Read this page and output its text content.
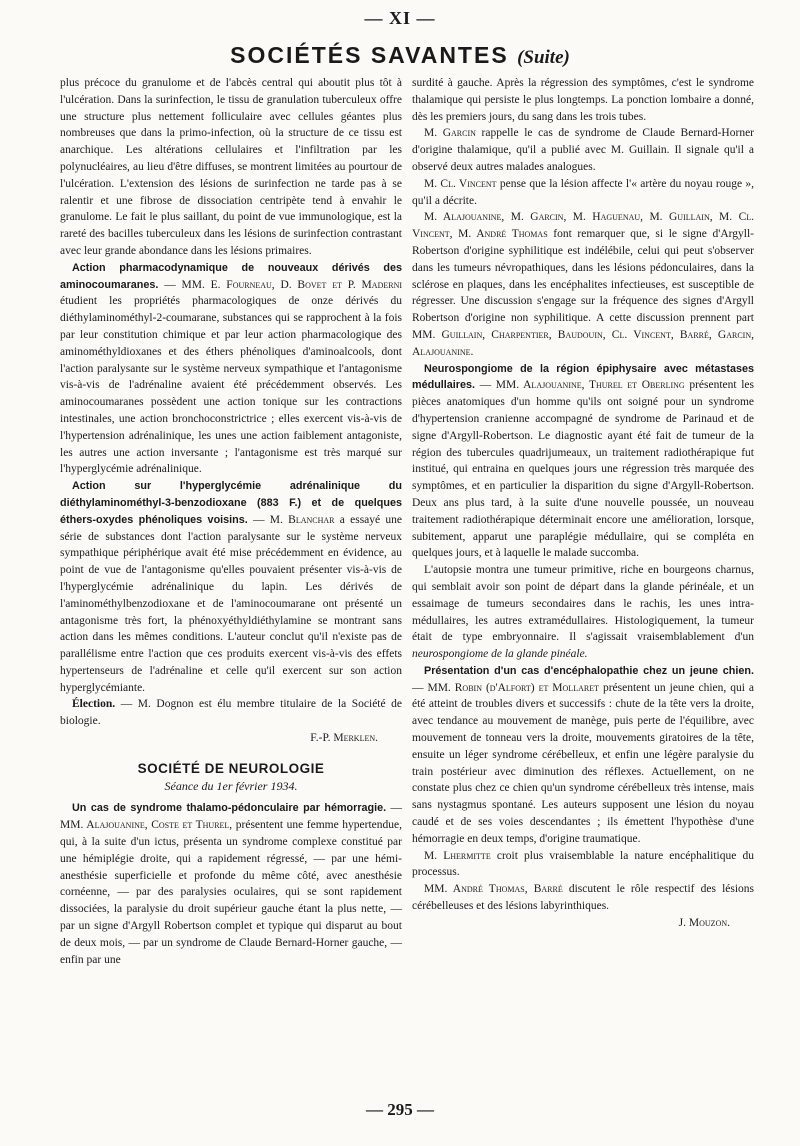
— XI —
SOCIÉTÉS SAVANTES (Suite)

plus précoce du granulome et de l'abcès central qui aboutit plus tôt à l'ulcération. Dans la surinfection, le tissu de granulation tuberculeux offre une structure plus nettement folliculaire avec cellules géantes plus nombreuses que dans la primo-infection, où la structure de ce tissu est anarchique. Les altérations cellulaires et l'infiltration par les polynucléaires, au lieu d'être diffuses, se montrent limitées au pourtour de l'ulcération. L'extension des lésions de surinfection ne tarde pas à se ralentir et une fibrose de dissociation centripète tend à envahir le granulome. Le fait le plus saillant, du point de vue immunologique, est la rareté des bacilles tuberculeux dans les lésions de surinfection contrastant avec leur grande abondance dans les lésions primaires.

Action pharmacodynamique de nouveaux dérivés des aminocoumaranes. — MM. E. Fourneau, D. Bovet et P. Maderni étudient les propriétés pharmacologiques de onze dérivés du diéthylaminométhyl-2-coumarane, substances qui se rapprochent à la fois par leur constitution chimique et par leur action pharmacologique des aminométhyldioxanes et des éthers phénoliques d'aminoalcools, dont l'action paralysante sur le système nerveux sympathique et l'antagonisme vis-à-vis de l'adrénaline avaient été précédemment observés. Les aminocoumaranes possèdent une action tonique sur les contractions intestinales, une action bronchoconstrictrice ; elles exercent vis-à-vis de l'hypertension adrénalinique, les unes une action faiblement antagoniste, les autres une action inversante ; l'antagonisme est très marqué sur l'hyperglycémie adrénalinique.

Action sur l'hyperglycémie adrénalinique du diéthylaminométhyl-3-benzodioxane (883 F.) et de quelques éthers-oxydes phénoliques voisins. — M. Blanchar a essayé une série de substances dont l'action paralysante sur le système nerveux sympathique périphérique avait été mise précédemment en évidence, au point de vue de l'antagonisme qu'elles pouvaient présenter vis-à-vis de l'hyperglycémie adrénalinique du lapin. Les dérivés de l'aminométhylbenzodioxane et de l'aminocoumarane ont présenté un antagonisme très fort, la phénoxyéthyldiéthylamine se montrant sans action dans les mêmes conditions. L'auteur conclut qu'il n'existe pas de parallélisme entre l'action que ces produits exercent vis-à-vis des effets hypertenseurs de l'adrénaline et celle qu'il exercent sur son action hyperglycémiante.

Élection. — M. Dognon est élu membre titulaire de la Société de biologie.

F.-P. Merklen.

SOCIÉTÉ DE NEUROLOGIE
Séance du 1er février 1934.

Un cas de syndrome thalamo-pédonculaire par hémorragie. — MM. Alajouanine, Coste et Thurel, présentent une femme hypertendue, qui, à la suite d'un ictus, présenta un syndrome complexe constitué par une hémiplégie droite, qui a rapidement régressé, — par une hémi-anesthésie superficielle et profonde du même côté, avec anesthésie cornéenne, — par des paralysies oculaires, qui se sont rapidement dissociées, la paralysie du droit supérieur gauche étant la plus nette, — par un signe d'Argyll Robertson complet et typique qui disparut au bout de deux mois, — par un syndrome de Claude Bernard-Horner gauche, — enfin par une

surdité à gauche. Après la régression des symptômes, c'est le syndrome thalamique qui persiste le plus longtemps. La ponction lombaire a donné, dès les premiers jours, du sang dans les trois tubes.

M. Garcin rappelle le cas de syndrome de Claude Bernard-Horner d'origine thalamique, qu'il a publié avec M. Guillain. Il signale qu'il a observé deux autres malades analogues.

M. Cl. Vincent pense que la lésion affecte l'« artère du noyau rouge », qu'il a décrite.

M. Alajouanine, M. Garcin, M. Haguenau, M. Guillain, M. Cl. Vincent, M. André Thomas font remarquer que, si le signe d'Argyll-Robertson d'origine syphilitique est indélébile, celui qui peut s'observer dans les tumeurs névropathiques, dans les lésions pédonculaires, dans la sclérose en plaques, dans les encéphalites infectieuses, est susceptible de régresser. Une discussion s'engage sur la fréquence des signes d'Argyll Robertson d'origine non syphilitique. A cette discussion prennent part MM. Guillain, Charpentier, Baudouin, Cl. Vincent, Barré, Garcin, Alajouanine.

Neurospongiome de la région épiphysaire avec métastases médullaires. — MM. Alajouanine, Thurel et Oberling présentent les pièces anatomiques d'un homme qu'ils ont soigné pour un syndrome d'hypertension cranienne accompagné de syndrome de Parinaud et de signe d'Argyll-Robertson. Le diagnostic ayant été fait de tumeur de la région des tubercules quadrijumeaux, un traitement radiothérapique fut institué, qui entraina en quelques jours une régression très marquée des symptômes, et en particulier la disparition du signe d'Argyll-Robertson. Deux ans plus tard, à la suite d'une nouvelle poussée, un nouveau traitement radiothérapique déterminait encore une amélioration, lorsque, subitement, apparut une paraplégie médullaire, qui se compléta en quelques jours, et à laquelle le malade succomba.

L'autopsie montra une tumeur primitive, riche en bourgeons charnus, qui semblait avoir son point de départ dans la glande périnéale, et un essaimage de tumeurs secondaires dans le rachis, les unes intra-médullaires, les autres extramédullaires. Histologiquement, la tumeur était de type embryonnaire. Il s'agissait vraisemblablement d'un neurospongiome de la glande pinéale.

Présentation d'un cas d'encéphalopathie chez un jeune chien. — MM. Robin (d'Alfort) et Mollaret présentent un jeune chien, qui a été atteint de troubles divers et successifs : chute de la tête vers la droite, avec tendance au mouvement de manège, puis perte de l'équilibre, avec mouvement de tonneau vers la droite, mouvements giratoires de la tête, ensuite un léger syndrome cérébelleux, et enfin une légère paralysie du train postérieur avec diminution des réflexes. Actuellement, on ne constate plus chez ce chien qu'un syndrome cérébelleux très intense, mais sans nystagmus spontané. Les auteurs supposent une lésion du noyau caudé et de ses voies descendantes ; ils émettent l'hypothèse d'une hémorragie en deux temps, d'origine traumatique.

M. Lhermitte croit plus vraisemblable la nature encéphalitique du processus.

MM. André Thomas, Barré discutent le rôle respectif des lésions cérébelleuses et des lésions labyrinthiques.

J. Mouzon.

— 295 —
